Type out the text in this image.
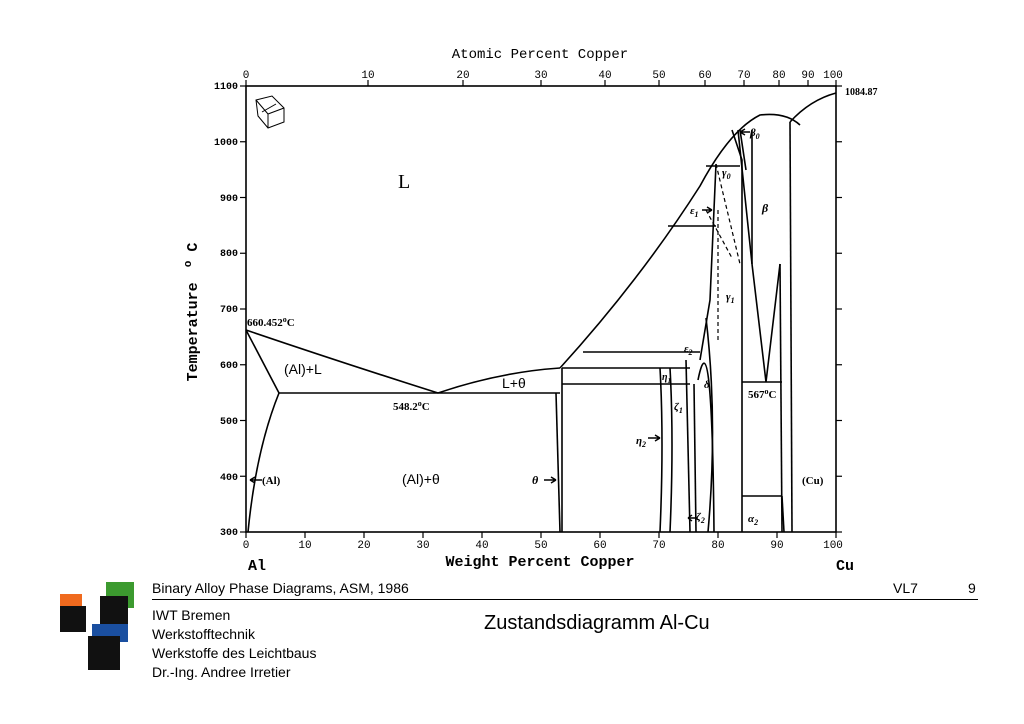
Atomic Percent Copper
Weight Percent Copper
Al	Cu
Temperature $^o$ C
1100
1000
900
800
700
600
500
400
300
0	10	20	30	40	50	60	70	80	90	100
0	10	20	30	40	50	60 70 80 90 100
L
660.452$^o$C
(Al)+L
548.2$^o$C
L+θ
(Al)+θ
(Al)	θ	(Cu)
1084.87
$\gamma_0$
$\beta_0$
β
$\varepsilon_1$
$\varepsilon_2$
$\gamma_1$
$\eta_1$
$\eta_2$
$\zeta_1$
$\zeta_2$
δ
567$^o$C
$\alpha_2$
Binary Alloy Phase Diagrams, ASM, 1986	VL7	9
IWT Bremen
Werkstofftechnik
Werkstoffe des Leichtbaus
Dr.-Ing. Andree Irretier
Zustandsdiagramm Al-Cu
